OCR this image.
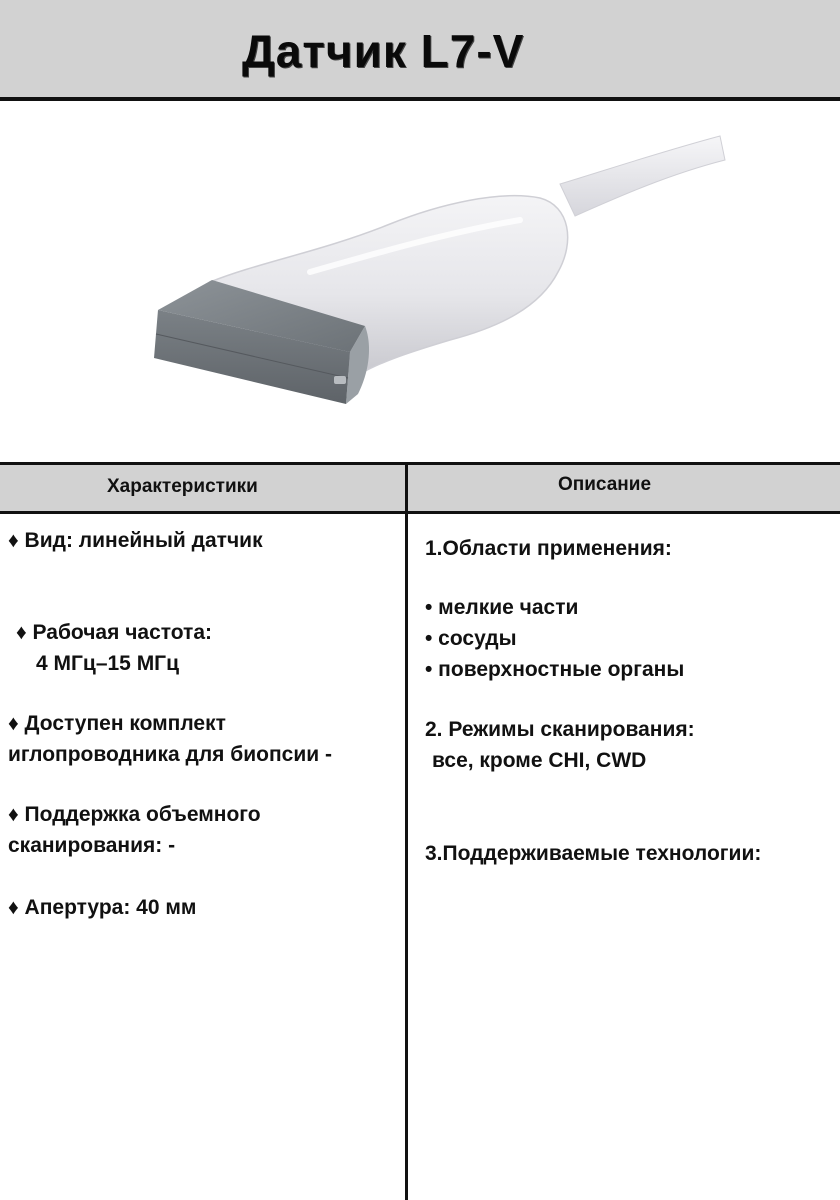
Датчик L7-V
Характеристики	Описание
♦ Вид: линейный датчик
♦ Рабочая частота:
4 МГц–15 МГц
♦ Доступен комплект
иглопроводника для биопсии -
♦ Поддержка объемного
сканирования: -
♦ Апертура: 40 мм
1.Области применения:
• мелкие части
• сосуды
• поверхностные органы
2. Режимы сканирования:
все, кроме CHI, CWD
3.Поддерживаемые технологии:
